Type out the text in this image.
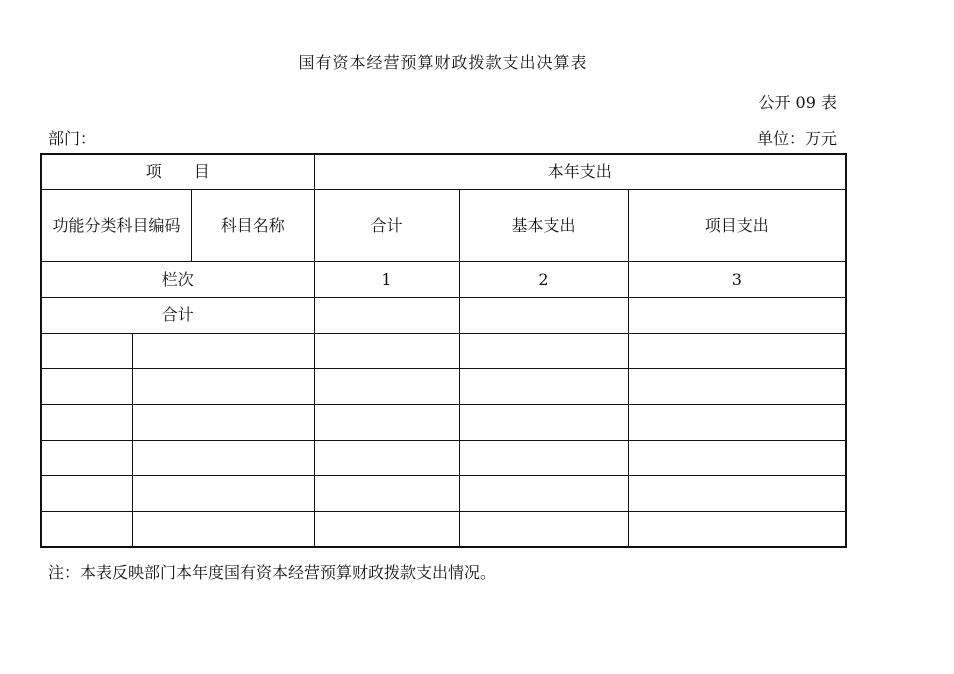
国有资本经营预算财政拨款支出决算表
公开 09 表
部门：	单位：万元
项　　目		本年支出		

功能分类科目编码 科目名称		合计	基本支出	项目支出
栏次		1	2	3
合计				

注：本表反映部门本年度国有资本经营预算财政拨款支出情况。
